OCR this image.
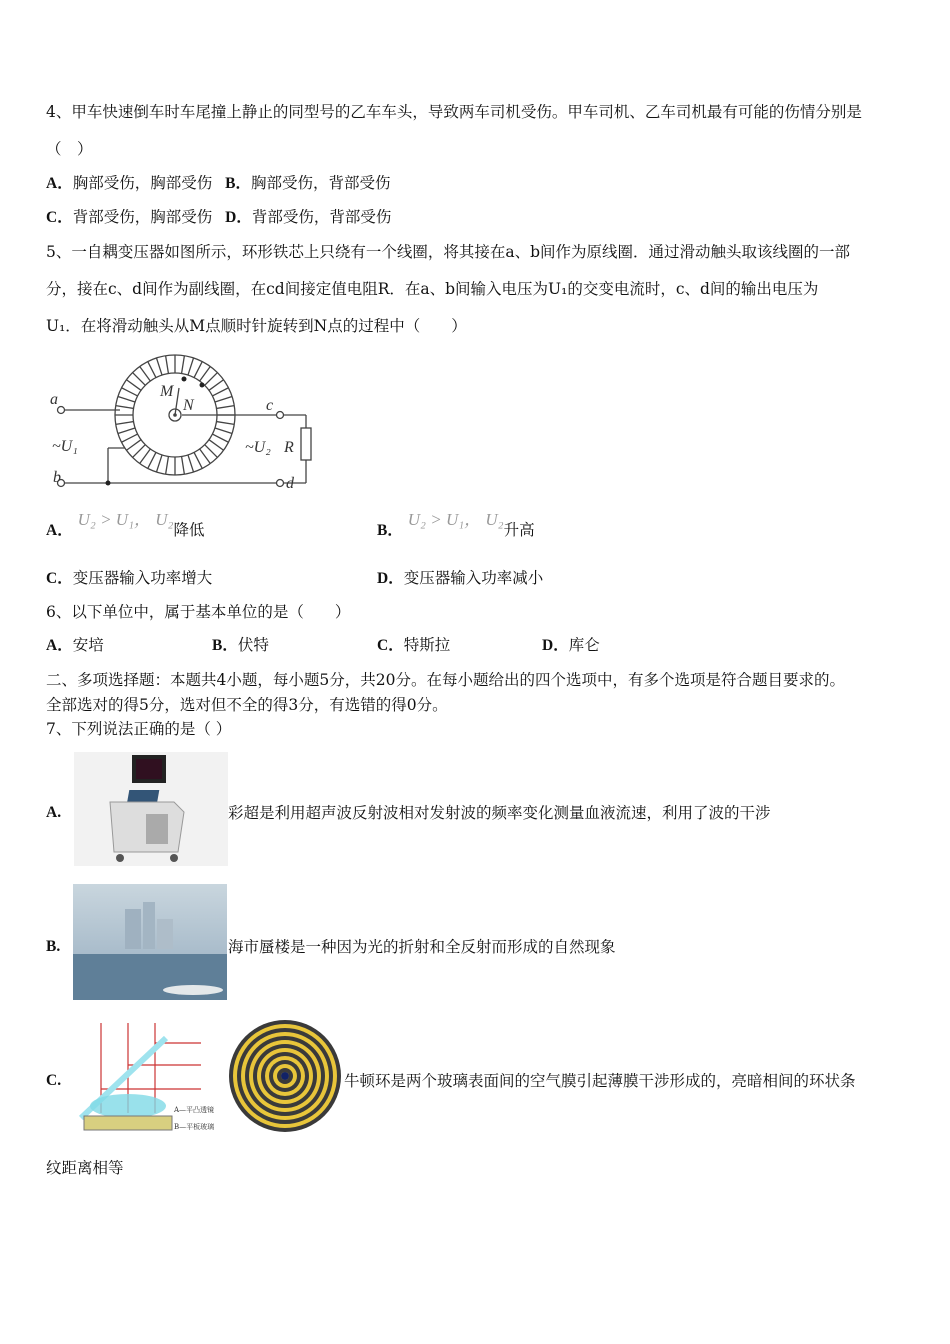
4、甲车快速倒车时车尾撞上静止的同型号的乙车车头，导致两车司机受伤。甲车司机、乙车司机最有可能的伤情分别是
（　）
A．胸部受伤，胸部受伤 B．胸部受伤，背部受伤
C．背部受伤，胸部受伤 D．背部受伤，背部受伤
5、一自耦变压器如图所示，环形铁芯上只绕有一个线圈，将其接在a、b间作为原线圈．通过滑动触头取该线圈的一部
分，接在c、d间作为副线圈，在cd间接定值电阻R．在a、b间输入电压为U₁的交变电流时，c、d间的输出电压为
U₁．在将滑动触头从M点顺时针旋转到N点的过程中（　　）
a
b
c
d
M
N
~U₁	~U₂ R
A． U₂ > U₁， U₂降低	B． U₂ > U₁， U₂升高
C．变压器输入功率增大	D．变压器输入功率减小
6、以下单位中，属于基本单位的是（　　）
A．安培	B．伏特	C．特斯拉	D．库仑
二、多项选择题：本题共4小题，每小题5分，共20分。在每小题给出的四个选项中，有多个选项是符合题目要求的。
全部选对的得5分，选对但不全的得3分，有选错的得0分。
7、下列说法正确的是（ ）
A.	彩超是利用超声波反射波相对发射波的频率变化测量血液流速，利用了波的干涉
B.	海市蜃楼是一种因为光的折射和全反射而形成的自然现象
C.
A—平凸透镜
B—平板玻璃
牛顿环是两个玻璃表面间的空气膜引起薄膜干涉形成的，亮暗相间的环状条
纹距离相等
